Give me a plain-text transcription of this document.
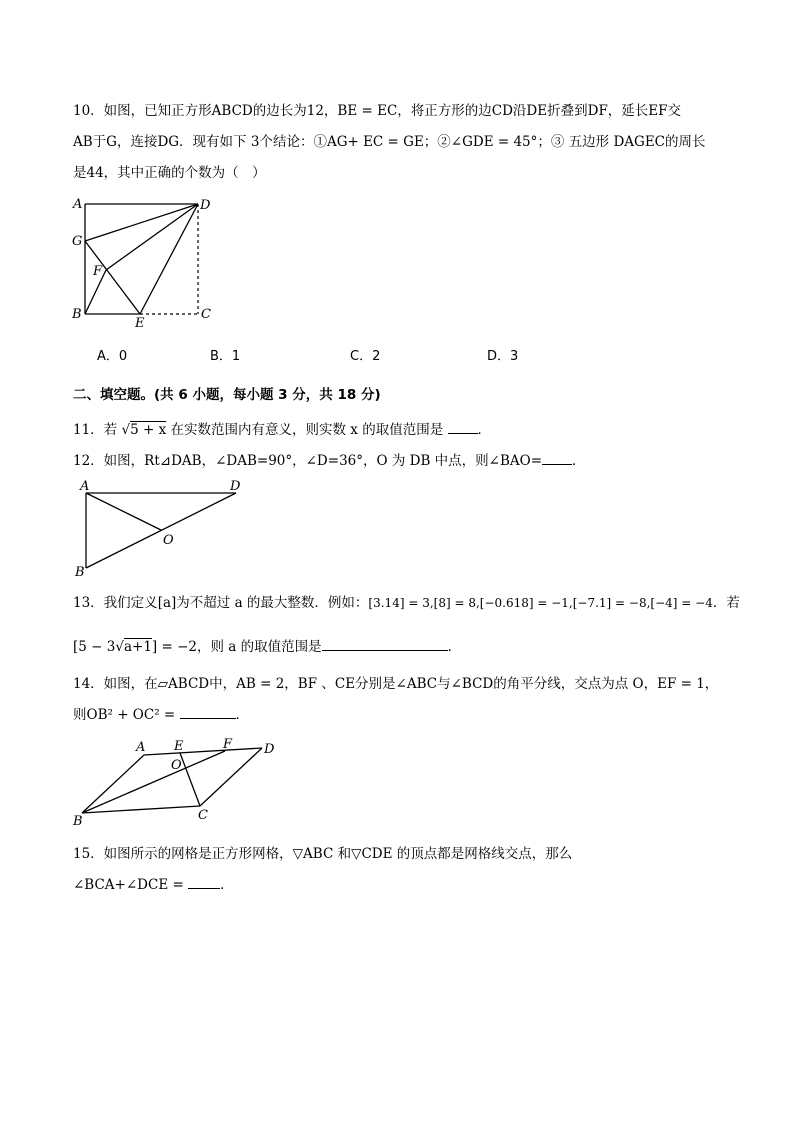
10．如图，已知正方形ABCD的边长为12，BE = EC，将正方形的边CD沿DE折叠到DF，延长EF交
AB于G，连接DG．现有如下 3个结论：①AG+ EC = GE；②∠GDE = 45°；③ 五边形 DAGEC的周长
是44，其中正确的个数为（　）
A	D
G
F
B
E
C
A．0	B．1	C．2	D．3
二、填空题。(共 6 小题，每小题 3 分，共 18 分)
11．若 √5 + x 在实数范围内有意义，则实数 x 的取值范围是	．
12．如图，Rt⊿DAB，∠DAB=90°，∠D=36°，O 为 DB 中点，则∠BAO= ．
A	D
O
B
13．我们定义[a]为不超过 a 的最大整数．例如：[3.14] = 3,[8] = 8,[−0.618] = −1,[−7.1] = −8,[−4] = −4．若
[5 − 3√a+1] = −2，则 a 的取值范围是	．
14．如图，在▱ABCD中，AB = 2，BF 、CE分别是∠ABC与∠BCD的角平分线，交点为点 O，EF = 1，
则OB² + OC² =	．
A E	F D
O
B	C
15．如图所示的网格是正方形网格，▽ABC 和▽CDE 的顶点都是网格线交点，那么
∠BCA+∠DCE =	．
